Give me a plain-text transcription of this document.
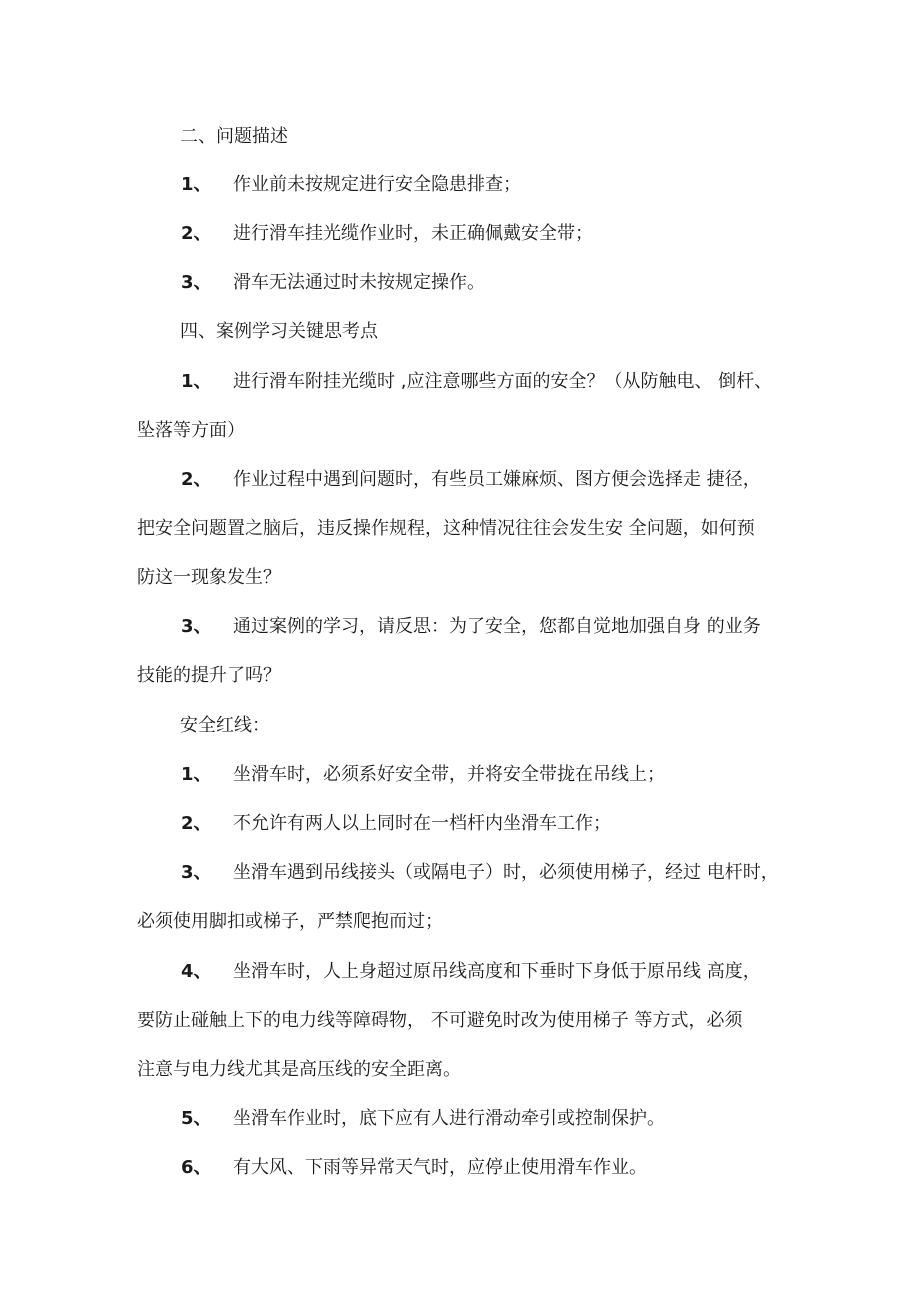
二、问题描述
1、 作业前未按规定进行安全隐患排查；
2、 进行滑车挂光缆作业时，未正确佩戴安全带；
3、 滑车无法通过时未按规定操作。
四、案例学习关键思考点
1、 进行滑车附挂光缆时 ,应注意哪些方面的安全？（从防触电、 倒杆、
坠落等方面）
2、 作业过程中遇到问题时，有些员工嫌麻烦、图方便会选择走 捷径，
把安全问题置之脑后，违反操作规程，这种情况往往会发生安 全问题，如何预
防这一现象发生？
3、 通过案例的学习，请反思：为了安全，您都自觉地加强自身 的业务
技能的提升了吗？
安全红线：
1、 坐滑车时，必须系好安全带，并将安全带拢在吊线上；
2、 不允许有两人以上同时在一档杆内坐滑车工作；
3、 坐滑车遇到吊线接头（或隔电子）时，必须使用梯子，经过 电杆时，
必须使用脚扣或梯子，严禁爬抱而过；
4、 坐滑车时，人上身超过原吊线高度和下垂时下身低于原吊线 高度，
要防止碰触上下的电力线等障碍物， 不可避免时改为使用梯子 等方式，必须
注意与电力线尤其是高压线的安全距离。
5、 坐滑车作业时，底下应有人进行滑动牵引或控制保护。
6、 有大风、下雨等异常天气时，应停止使用滑车作业。
